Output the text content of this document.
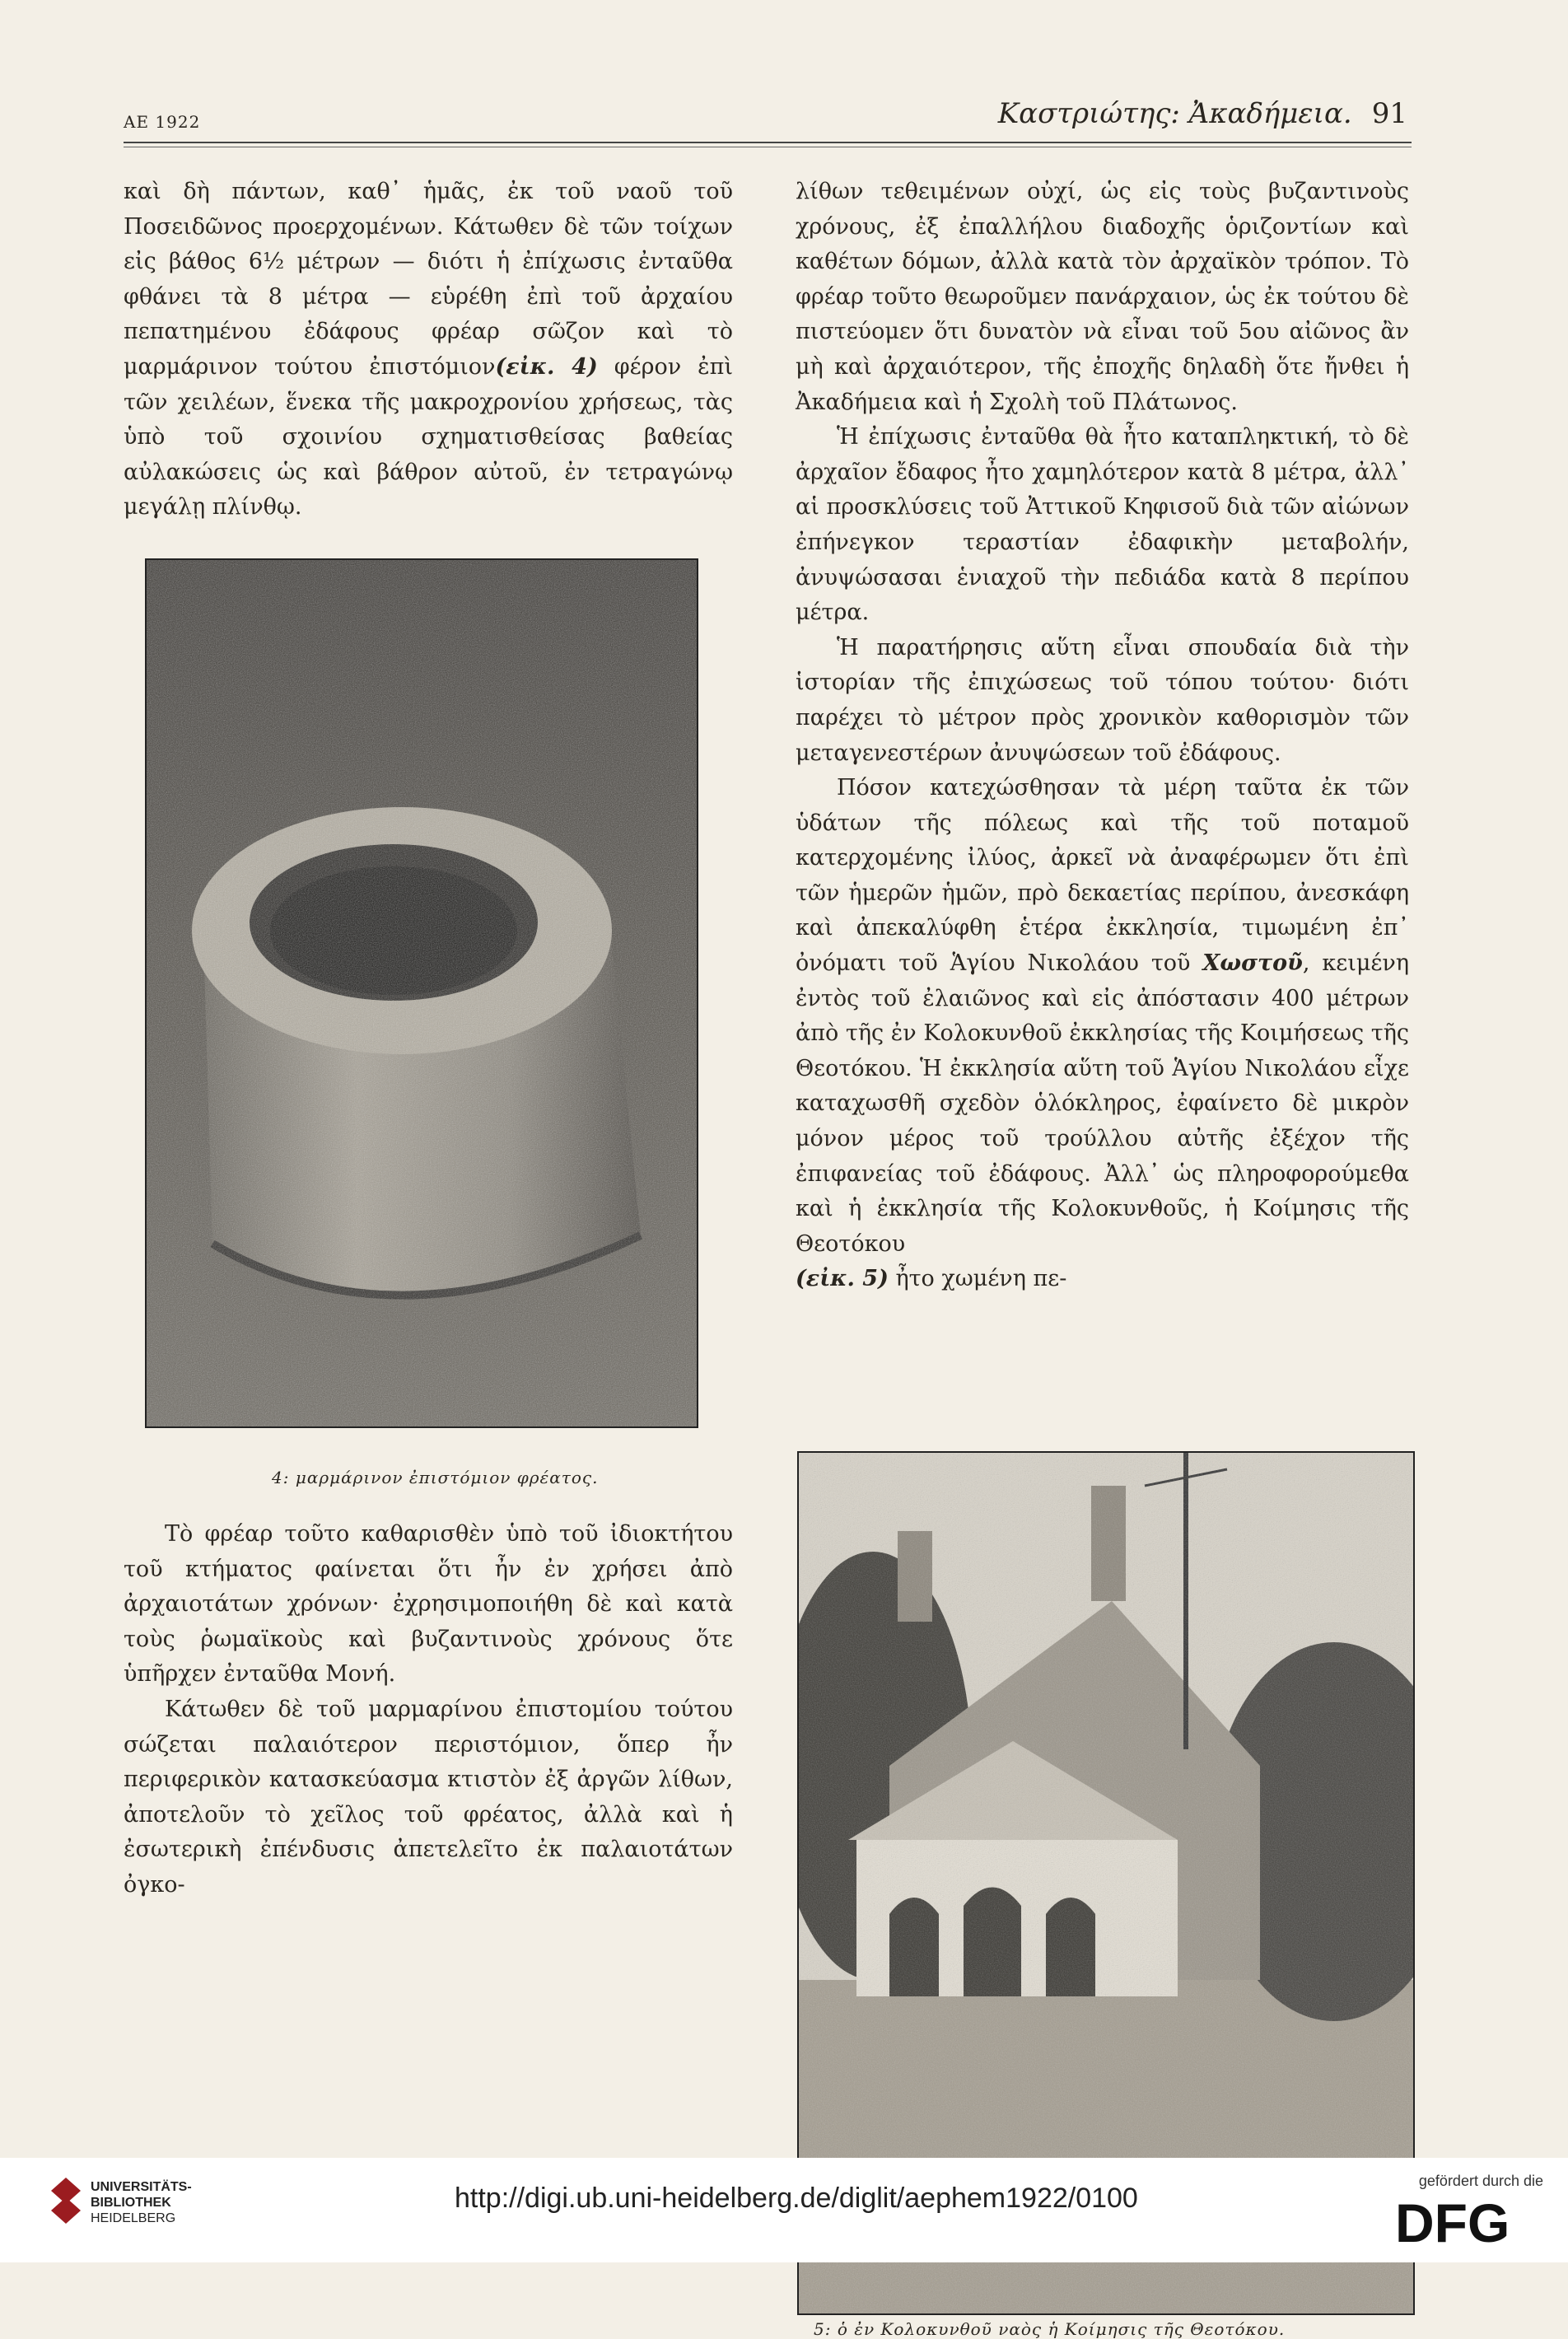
ΑΕ 1922	Καστριώτης: Ἀκαδήμεια. 91

καὶ δὴ πάντων, καθ᾿ ἡμᾶς, ἐκ τοῦ ναοῦ τοῦ Ποσειδῶνος προερχομένων. Κάτωθεν δὲ τῶν τοίχων εἰς βάθος 6½ μέτρων — διότι ἡ ἐπίχωσις ἐνταῦθα φθάνει τὰ 8 μέτρα — εὑρέθη ἐπὶ τοῦ ἀρχαίου πεπατημένου ἐδάφους φρέαρ σῶζον καὶ τὸ μαρμάρινον τούτου ἐπιστόμιον(εἰκ. 4) φέρον ἐπὶ τῶν χειλέων, ἕνεκα τῆς μακροχρονίου χρήσεως, τὰς ὑπὸ τοῦ σχοινίου σχηματισθείσας βαθείας αὐλακώσεις ὡς καὶ βάθρον αὐτοῦ, ἐν τετραγώνῳ μεγάλῃ πλίνθῳ.

4: μαρμάρινον ἐπιστόμιον φρέατος.

Τὸ φρέαρ τοῦτο καθαρισθὲν ὑπὸ τοῦ ἰδιοκτήτου τοῦ κτήματος φαίνεται ὅτι ἦν ἐν χρήσει ἀπὸ ἀρχαιοτάτων χρόνων· ἐχρησιμοποιήθη δὲ καὶ κατὰ τοὺς ῥωμαϊκοὺς καὶ βυζαντινοὺς χρόνους ὅτε ὑπῆρχεν ἐνταῦθα Μονή.

Κάτωθεν δὲ τοῦ μαρμαρίνου ἐπιστομίου τούτου σώζεται παλαιότερον περιστόμιον, ὅπερ ἦν περιφερικὸν κατασκεύασμα κτιστὸν ἐξ ἀργῶν λίθων, ἀποτελοῦν τὸ χεῖλος τοῦ φρέατος, ἀλλὰ καὶ ἡ ἐσωτερικὴ ἐπένδυσις ἀπετελεῖτο ἐκ παλαιοτάτων ὀγκο-

λίθων τεθειμένων οὐχί, ὡς εἰς τοὺς βυζαντινοὺς χρόνους, ἐξ ἐπαλλήλου διαδοχῆς ὁριζοντίων καὶ καθέτων δόμων, ἀλλὰ κατὰ τὸν ἀρχαϊκὸν τρόπον. Τὸ φρέαρ τοῦτο θεωροῦμεν πανάρχαιον, ὡς ἐκ τούτου δὲ πιστεύομεν ὅτι δυνατὸν νὰ εἶναι τοῦ 5ου αἰῶνος ἂν μὴ καὶ ἀρχαιότερον, τῆς ἐποχῆς δηλαδὴ ὅτε ἤνθει ἡ Ἀκαδήμεια καὶ ἡ Σχολὴ τοῦ Πλάτωνος.

Ἡ ἐπίχωσις ἐνταῦθα θὰ ἦτο καταπληκτική, τὸ δὲ ἀρχαῖον ἔδαφος ἦτο χαμηλότερον κατὰ 8 μέτρα, ἀλλ᾿ αἱ προσκλύσεις τοῦ Ἀττικοῦ Κηφισοῦ διὰ τῶν αἰώνων ἐπήνεγκον τεραστίαν ἐδαφικὴν μεταβολήν, ἀνυψώσασαι ἑνιαχοῦ τὴν πεδιάδα κατὰ 8 περίπου μέτρα.

Ἡ παρατήρησις αὕτη εἶναι σπουδαία διὰ τὴν ἱστορίαν τῆς ἐπιχώσεως τοῦ τόπου τούτου· διότι παρέχει τὸ μέτρον πρὸς χρονικὸν καθορισμὸν τῶν μεταγενεστέρων ἀνυψώσεων τοῦ ἐδάφους.

Πόσον κατεχώσθησαν τὰ μέρη ταῦτα ἐκ τῶν ὑδάτων τῆς πόλεως καὶ τῆς τοῦ ποταμοῦ κατερχομένης ἰλύος, ἀρκεῖ νὰ ἀναφέρωμεν ὅτι ἐπὶ τῶν ἡμερῶν ἡμῶν, πρὸ δεκαετίας περίπου, ἀνεσκάφη καὶ ἀπεκαλύφθη ἑτέρα ἐκκλησία, τιμωμένη ἐπ᾿ ὀνόματι τοῦ Ἁγίου Νικολάου τοῦ Χωστοῦ, κειμένη ἐντὸς τοῦ ἐλαιῶνος καὶ εἰς ἀπόστασιν 400 μέτρων ἀπὸ τῆς ἐν Κολοκυνθοῦ ἐκκλησίας τῆς Κοιμήσεως τῆς Θεοτόκου. Ἡ ἐκκλησία αὕτη τοῦ Ἁγίου Νικολάου εἶχε καταχωσθῆ σχεδὸν ὁλόκληρος, ἐφαίνετο δὲ μικρὸν μόνον μέρος τοῦ τρούλλου αὐτῆς ἐξέχον τῆς ἐπιφανείας τοῦ ἐδάφους. Ἀλλ᾿ ὡς πληροφορούμεθα καὶ ἡ ἐκκλησία τῆς Κολοκυνθοῦς, ἡ Κοίμησις τῆς Θεοτόκου

(εἰκ. 5) ἦτο χωμένη πε-

5: ὁ ἐν Κολοκυνθοῦ ναὸς ἡ Κοίμησις τῆς Θεοτόκου.
UNIVERSITÄTS-
BIBLIOTHEK
HEIDELBERG
http://digi.ub.uni-heidelberg.de/diglit/aephem1922/0100
gefördert durch die
DFG
